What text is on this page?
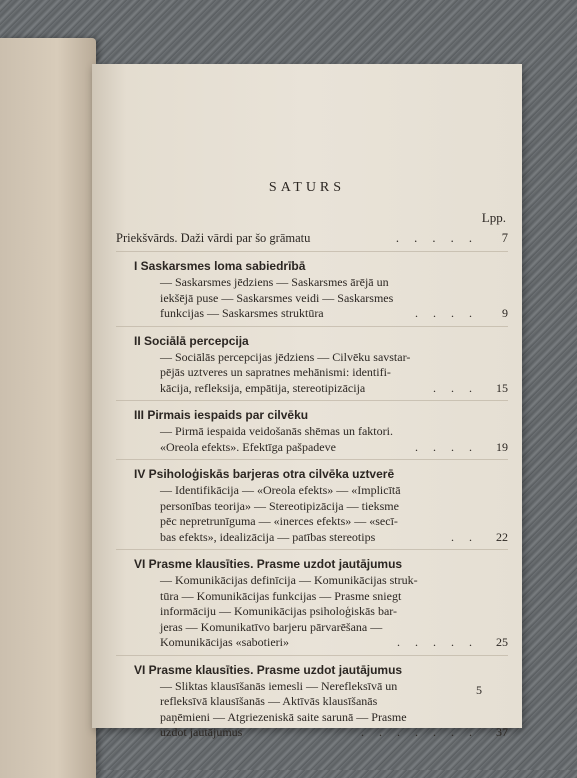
SATURS
Lpp.
Priekšvārds. Daži vārdi par šo grāmatu	. . . . .	7
I Saskarsmes loma sabiedrībā
— Saskarsmes jēdziens — Saskarsmes ārējā un
iekšējā puse — Saskarsmes veidi — Saskarsmes
funkcijas — Saskarsmes struktūra	. . . .	9
II Sociālā percepcija
— Sociālās percepcijas jēdziens — Cilvēku savstar-
pējās uztveres un sapratnes mehānismi: identifi-
kācija, refleksija, empātija, stereotipizācija	. . .	15
III Pirmais iespaids par cilvēku
— Pirmā iespaida veidošanās shēmas un faktori.
«Oreola efekts». Efektīga pašpadeve	. . . .	19
IV Psiholoģiskās barjeras otra cilvēka uztverē
— Identifikācija — «Oreola efekts» — «Implicītā
personības teorija» — Stereotipizācija — tieksme
pēc nepretrunīguma — «inerces efekts» — «secī-
bas efekts», idealizācija — patības stereotips	. .	22
VI Prasme klausīties. Prasme uzdot jautājumus
— Komunikācijas definīcija — Komunikācijas struk-
tūra — Komunikācijas funkcijas — Prasme sniegt
informāciju — Komunikācijas psiholoģiskās bar-
jeras — Komunikatīvo barjeru pārvarēšana —
Komunikācijas «sabotieri»	. . . . .	25
VI Prasme klausīties. Prasme uzdot jautājumus
— Sliktas klausīšanās iemesli — Nerefleksīvā un
refleksīvā klausīšanās — Aktīvās klausīšanās
paņēmieni — Atgriezeniskā saite sarunā — Prasme
uzdot jautājumus	. . . . . . .	37
5
